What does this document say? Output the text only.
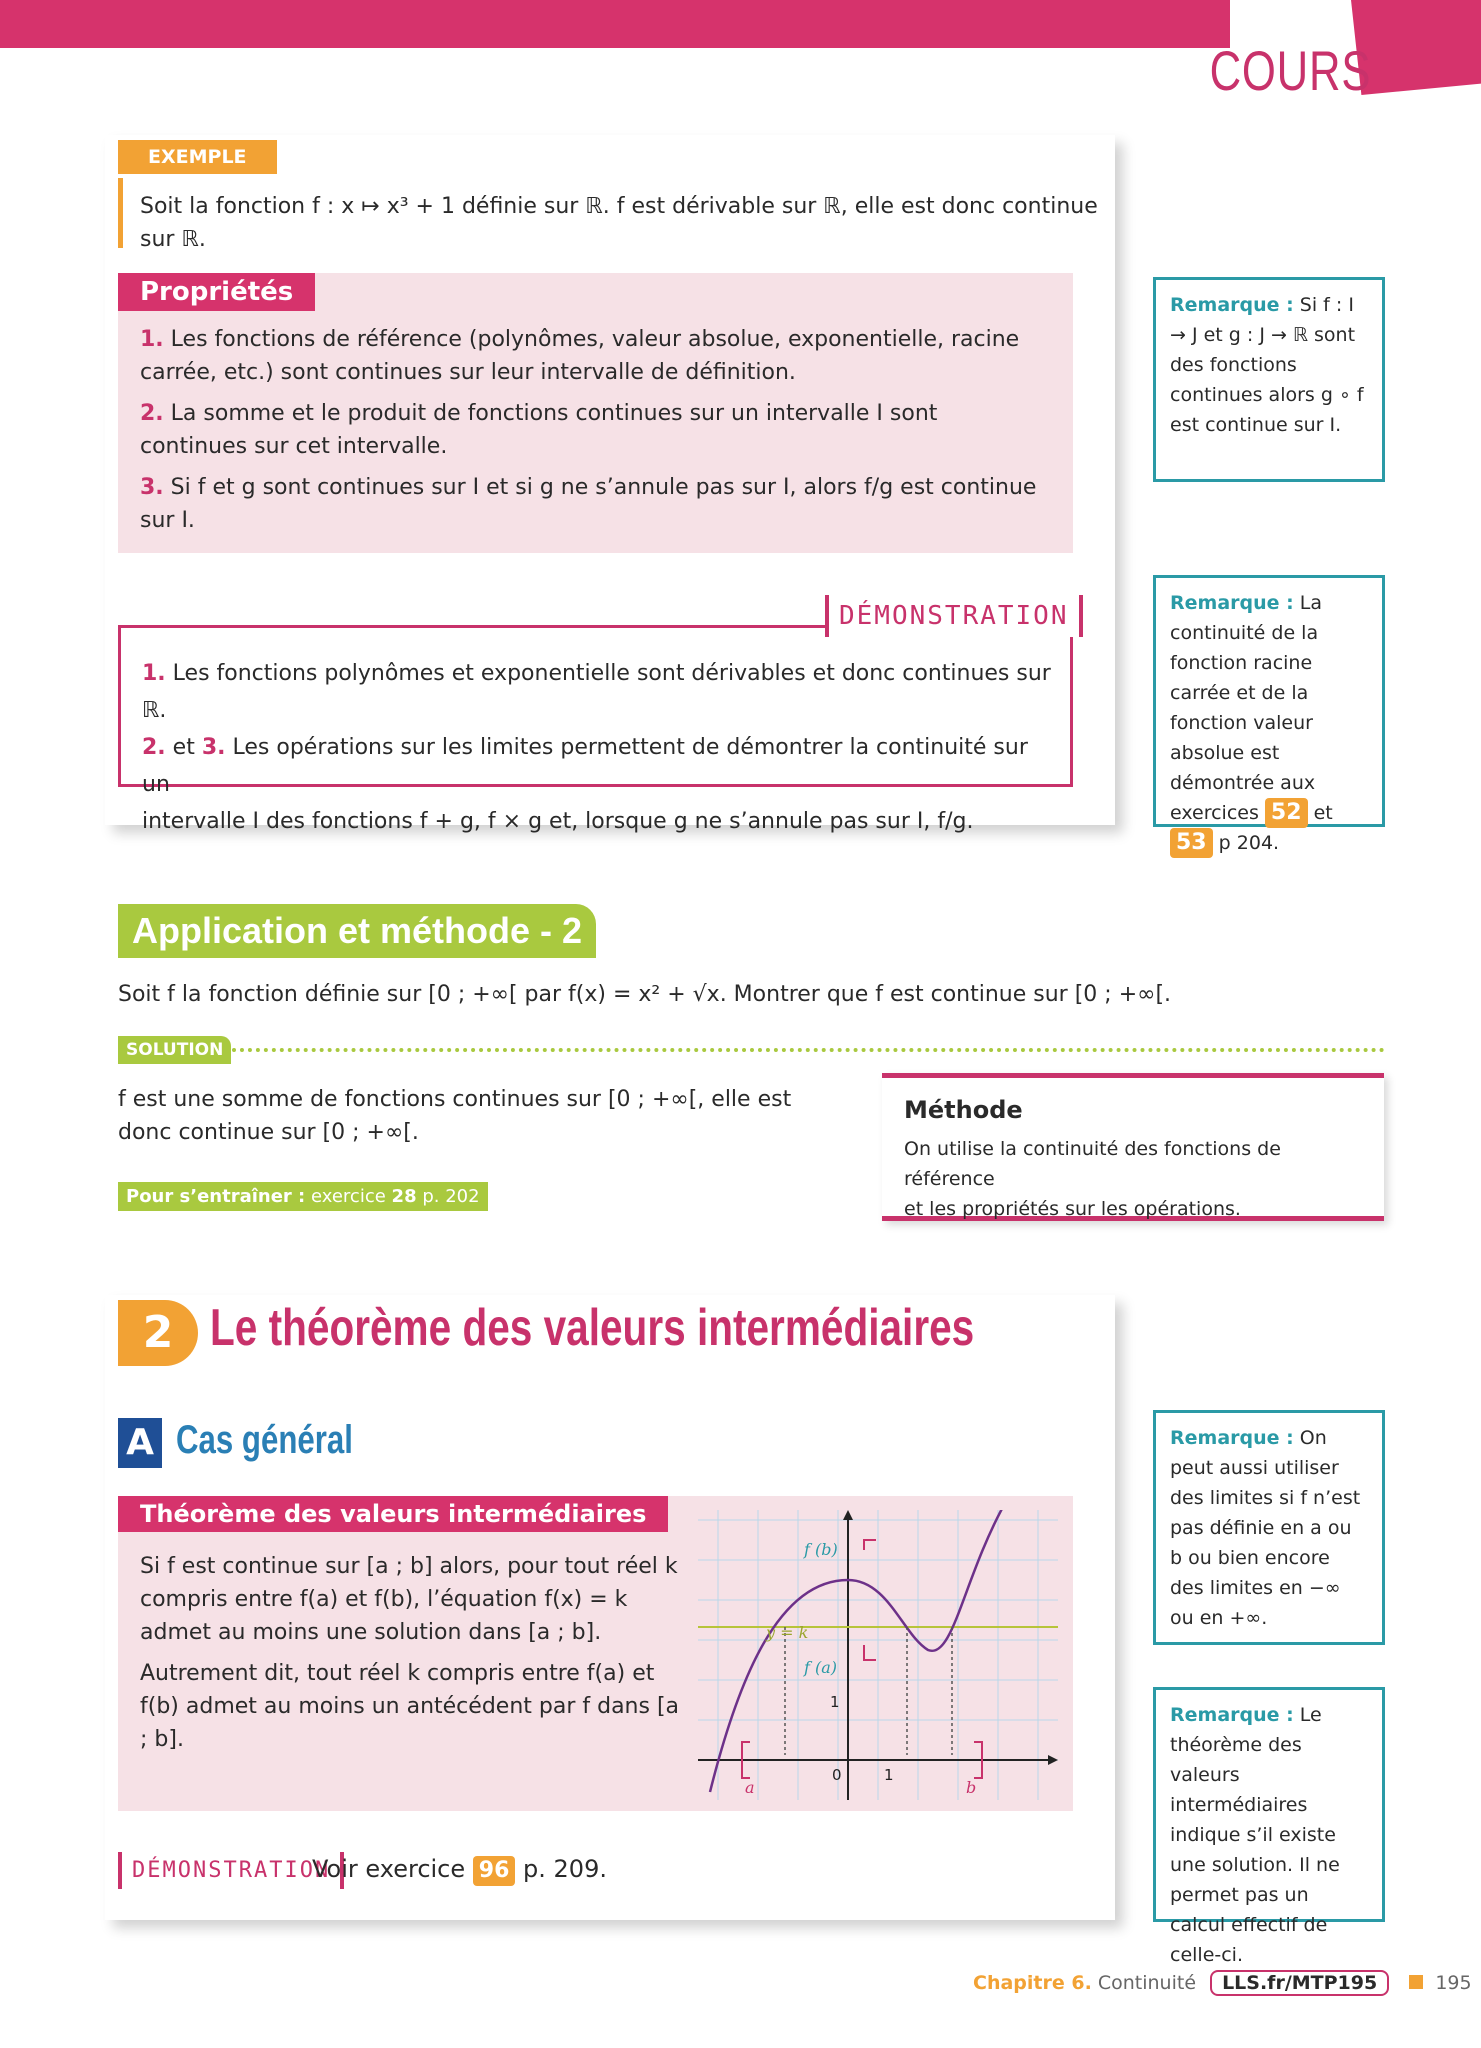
COURS
EXEMPLE
Soit la fonction f : x ↦ x³ + 1 définie sur ℝ. f est dérivable sur ℝ, elle est donc continue
sur ℝ.
Propriétés

1. Les fonctions de référence (polynômes, valeur absolue, exponentielle, racine carrée, etc.) sont continues sur leur intervalle de définition.

2. La somme et le produit de fonctions continues sur un intervalle I sont continues sur cet intervalle.

3. Si f et g sont continues sur I et si g ne s’annule pas sur I, alors f/g est continue sur I.

DÉMONSTRATION
1. Les fonctions polynômes et exponentielle sont dérivables et donc continues sur ℝ.
2. et 3. Les opérations sur les limites permettent de démontrer la continuité sur un
intervalle I des fonctions f + g, f × g et, lorsque g ne s’annule pas sur I, f/g.
Remarque : Si f : I → J et g : J → ℝ sont des fonctions continues alors g ∘ f est continue sur I.
Remarque : La continuité de la fonction racine carrée et de la fonction valeur absolue est démontrée aux exercices 52 et 53 p 204.
Application et méthode - 2
Soit f la fonction définie sur [0 ; +∞[ par f(x) = x² + √x. Montrer que f est continue sur [0 ; +∞[.
SOLUTION
f est une somme de fonctions continues sur [0 ; +∞[, elle est
donc continue sur [0 ; +∞[.
Pour s’entraîner : exercice 28 p. 202
Méthode
On utilise la continuité des fonctions de référence
et les propriétés sur les opérations.
2 Le théorème des valeurs intermédiaires
A Cas général
Théorème des valeurs intermédiaires

Si f est continue sur [a ; b] alors, pour tout réel k compris entre f(a) et f(b), l’équation f(x) = k admet au moins une solution dans [a ; b].

Autrement dit, tout réel k compris entre f(a) et f(b) admet au moins un antécédent par f dans [a ; b].

y = k
f (b)
f (a)
1
0	1
a	b
DÉMONSTRATION
Voir exercice 96 p. 209.
Remarque : On peut aussi utiliser des limites si f n’est pas définie en a ou b ou bien encore des limites en −∞ ou en +∞.
Remarque : Le théorème des valeurs intermédiaires indique s’il existe une solution. Il ne permet pas un calcul effectif de celle-ci.
Chapitre 6. Continuité LLS.fr/MTP195	195
